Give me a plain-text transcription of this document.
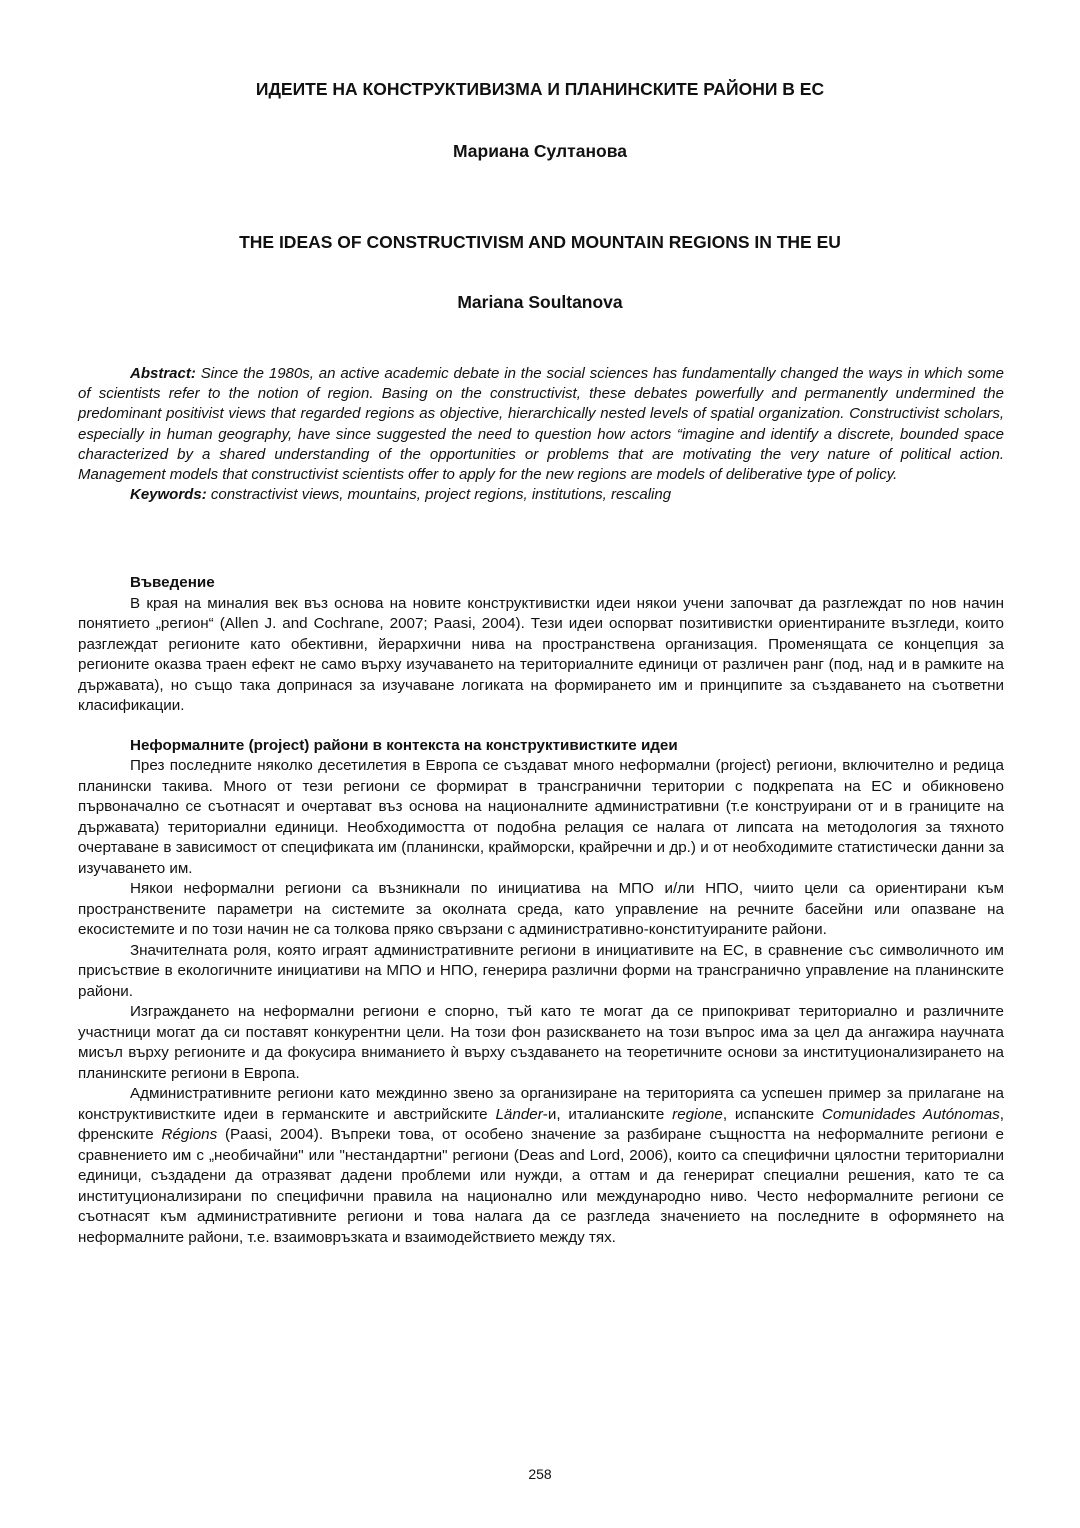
ИДЕИТЕ НА КОНСТРУКТИВИЗМА И ПЛАНИНСКИТЕ РАЙОНИ В ЕС
Мариана Султанова
THE IDEAS OF CONSTRUCTIVISM AND MOUNTAIN REGIONS IN THE EU
Mariana Soultanova

Abstract: Since the 1980s, an active academic debate in the social sciences has fundamentally changed the ways in which some of scientists refer to the notion of region. Basing on the constructivist, these debates powerfully and permanently undermined the predominant positivist views that regarded regions as objective, hierarchically nested levels of spatial organization. Constructivist scholars, especially in human geography, have since suggested the need to question how actors “imagine and identify a discrete, bounded space characterized by a shared understanding of the opportunities or problems that are motivating the very nature of political action. Management models that constructivist scientists offer to apply for the new regions are models of deliberative type of policy.

Keywords: constractivist views, mountains, project regions, institutions, rescaling

Въведение

В края на миналия век въз основа на новите конструктивистки идеи някои учени започват да разглеждат по нов начин понятието „регион“ (Allen J. and Cochrane, 2007; Paasi, 2004). Тези идеи оспорват позитивистки ориентираните възгледи, които разглеждат регионите като обективни, йерархични нива на пространствена организация. Променящата се концепция за регионите оказва траен ефект не само върху изучаването на териториалните единици от различен ранг (под, над и в рамките на държавата), но също така допринася за изучаване логиката на формирането им и принципите за създаването на съответни класификации.

Неформалните (project) райони в контекста на конструктивистките идеи

През последните няколко десетилетия в Европа се създават много неформални (project) региони, включително и редица планински такива. Много от тези региони се формират в трансгранични територии с подкрепата на ЕС и обикновено първоначално се съотнасят и очертават въз основа на националните административни (т.е конструирани от и в границите на държавата) териториални единици. Необходимостта от подобна релация се налага от липсата на методология за тяхното очертаване в зависимост от спецификата им (планински, крайморски, крайречни и др.) и от необходимите статистически данни за изучаването им.

Някои неформални региони са възникнали по инициатива на МПО и/ли НПО, чиито цели са ориентирани към пространствените параметри на системите за околната среда, като управление на речните басейни или опазване на екосистемите и по този начин не са толкова пряко свързани с административно-конституираните райони.

Значителната роля, която играят административните региони в инициативите на ЕС, в сравнение със символичното им присъствие в екологичните инициативи на МПО и НПО, генерира различни форми на трансгранично управление на планинските райони.

Изграждането на неформални региони е спорно, тъй като те могат да се припокриват териториално и различните участници могат да си поставят конкурентни цели. На този фон разискването на този въпрос има за цел да ангажира научната мисъл върху регионите и да фокусира вниманието ѝ върху създаването на теоретичните основи за институционализирането на планинските региони в Европа.

Административните региони като междинно звено за организиране на територията са успешен пример за прилагане на конструктивистките идеи в германските и австрийските Länder-и, италианските regione, испанските Comunidades Autónomas, френските Régions (Paasi, 2004). Въпреки това, от особено значение за разбиране същността на неформалните региони е сравнението им с „необичайни" или "нестандартни" региони (Deas and Lord, 2006), които са специфични цялостни териториални единици, създадени да отразяват дадени проблеми или нужди, а оттам и да генерират специални решения, като те са институционализирани по специфични правила на национално или международно ниво. Често неформалните региони се съотнасят към административните региони и това налага да се разгледа значението на последните в оформянето на неформалните райони, т.е. взаимовръзката и взаимодействието между тях.

258
